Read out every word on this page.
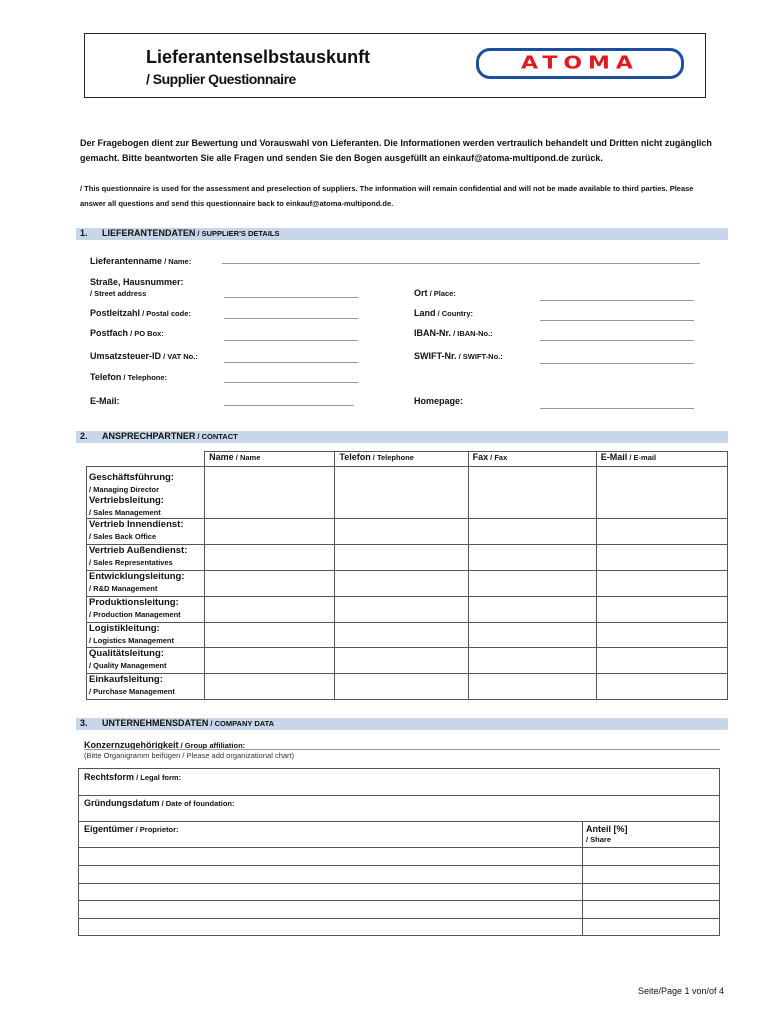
Lieferantenselbstauskunft
/ Supplier Questionnaire
ATOMA
Der Fragebogen dient zur Bewertung und Vorauswahl von Lieferanten. Die Informationen werden vertraulich behandelt und Dritten nicht zugänglich gemacht. Bitte beantworten Sie alle Fragen und senden Sie den Bogen ausgefüllt an einkauf@atoma-multipond.de zurück.
/ This questionnaire is used for the assessment and preselection of suppliers. The information will remain confidential and will not be made available to third parties. Please answer all questions and send this questionnaire back to einkauf@atoma-multipond.de.
1. LIEFERANTENDATEN / SUPPLIER'S DETAILS
Lieferantenname / Name:
Straße, Hausnummer:
/ Street address	Ort / Place:
Postleitzahl / Postal code:	Land / Country:
Postfach / PO Box:	IBAN-Nr. / IBAN-No.:
Umsatzsteuer-ID / VAT No.:	SWIFT-Nr. / SWIFT-No.:
Telefon / Telephone:
E-Mail:	Homepage:
2. ANSPRECHPARTNER / CONTACT
	Name / Name	Telefon / Telephone	Fax / Fax	E-Mail / E-mail

Geschäftsführung:
/ Managing Director
Vertriebsleitung:
/ Sales Management				

Vertrieb Innendienst:
/ Sales Back Office				

Vertrieb Außendienst:
/ Sales Representatives				

Entwicklungsleitung:
/ R&D Management				

Produktionsleitung:
/ Production Management				

Logistikleitung:
/ Logistics Management				

Qualitätsleitung:
/ Quality Management				

Einkaufsleitung:
/ Purchase Management				

3. UNTERNEHMENSDATEN / COMPANY DATA
Konzernzugehörigkeit / Group affiliation:
(Bitte Organigramm beifügen / Please add organizational chart)
Rechtsform / Legal form:
Gründungsdatum / Date of foundation:
Eigentümer / Proprietor:	Anteil [%]
/ Share
Seite/Page 1 von/of 4
